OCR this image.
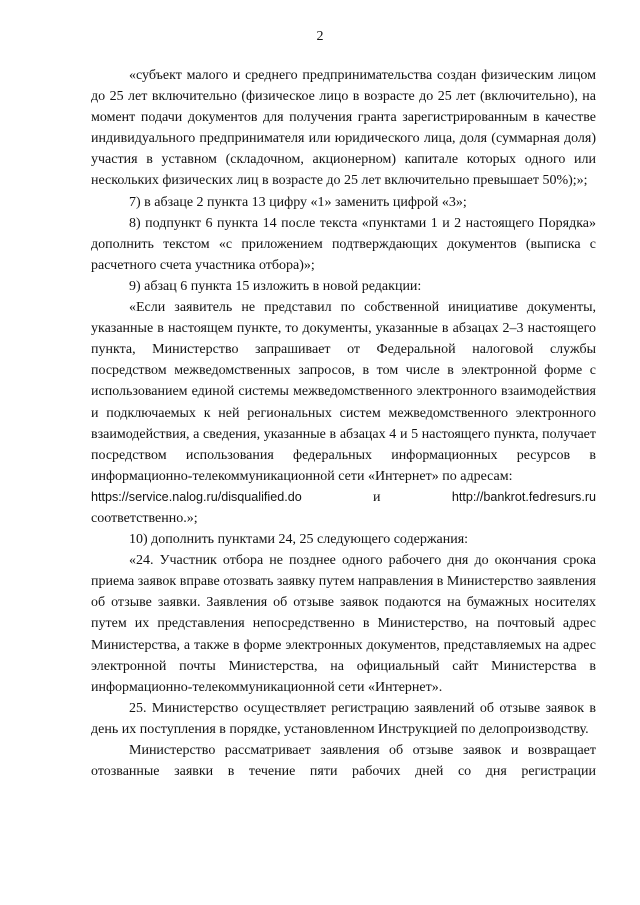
2

«субъект малого и среднего предпринимательства создан физическим лицом до 25 лет включительно (физическое лицо в возрасте до 25 лет (включительно), на момент подачи документов для получения гранта зарегистрированным в качестве индивидуального предпринимателя или юридического лица, доля (суммарная доля) участия в уставном (складочном, акционерном) капитале которых одного или нескольких физических лиц в возрасте до 25 лет включительно превышает 50%);»;

7) в абзаце 2 пункта 13 цифру «1» заменить цифрой «3»;

8) подпункт 6 пункта 14 после текста «пунктами 1 и 2 настоящего Порядка» дополнить текстом «с приложением подтверждающих документов (выписка с расчетного счета участника отбора)»;

9) абзац 6 пункта 15 изложить в новой редакции:

«Если заявитель не представил по собственной инициативе документы, указанные в настоящем пункте, то документы, указанные в абзацах 2–3 настоящего пункта, Министерство запрашивает от Федеральной налоговой службы посредством межведомственных запросов, в том числе в электронной форме с использованием единой системы межведомственного электронного взаимодействия и подключаемых к ней региональных систем межведомственного электронного взаимодействия, а сведения, указанные в абзацах 4 и 5 настоящего пункта, получает посредством использования федеральных информационных ресурсов в информационно-телекоммуникационной сети «Интернет» по адресам:

https://service.nalog.ru/disqualified.do	и	http://bankrot.fedresurs.ru

соответственно.»;

10) дополнить пунктами 24, 25 следующего содержания:

«24. Участник отбора не позднее одного рабочего дня до окончания срока приема заявок вправе отозвать заявку путем направления в Министерство заявления об отзыве заявки. Заявления об отзыве заявок подаются на бумажных носителях путем их представления непосредственно в Министерство, на почтовый адрес Министерства, а также в форме электронных документов, представляемых на адрес электронной почты Министерства, на официальный сайт Министерства в информационно-телекоммуникационной сети «Интернет».

25. Министерство осуществляет регистрацию заявлений об отзыве заявок в день их поступления в порядке, установленном Инструкцией по делопроизводству.

Министерство рассматривает заявления об отзыве заявок и возвращает отозванные заявки в течение пяти рабочих дней со дня регистрации
